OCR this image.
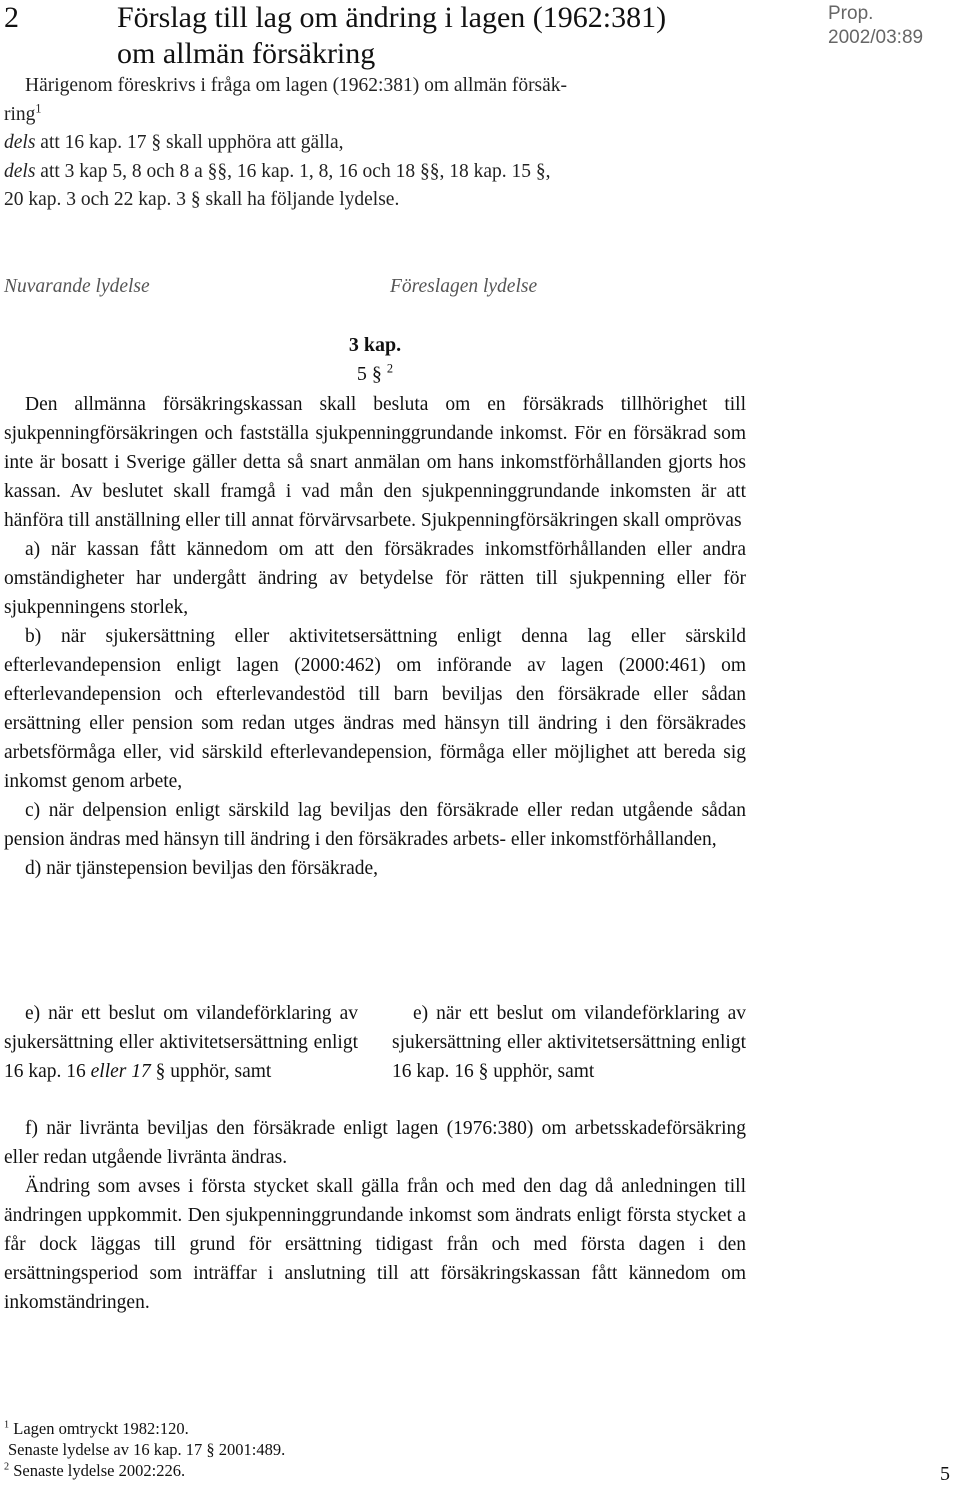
2	Förslag till lag om ändring i lagen (1962:381)
om allmän försäkring
Prop. 2002/03:89

Härigenom föreskrivs i fråga om lagen (1962:381) om allmän försäk-

ring$^1$

dels att 16 kap. 17 § skall upphöra att gälla,

dels att 3 kap 5, 8 och 8 a §§, 16 kap. 1, 8, 16 och 18 §§, 18 kap. 15 §,

20 kap. 3 och 22 kap. 3 § skall ha följande lydelse.

Nuvarande lydelse	Föreslagen lydelse
3 kap.
5 § $^2$

Den allmänna försäkringskassan skall besluta om en försäkrads tillhörighet till sjukpenningförsäkringen och fastställa sjukpenninggrundande inkomst. För en försäkrad som inte är bosatt i Sverige gäller detta så snart anmälan om hans inkomstförhållanden gjorts hos kassan. Av beslutet skall framgå i vad mån den sjukpenninggrundande inkomsten är att hänföra till anställning eller till annat förvärvsarbete. Sjukpenningförsäkringen skall omprövas

a) när kassan fått kännedom om att den försäkrades inkomstförhållanden eller andra omständigheter har undergått ändring av betydelse för rätten till sjukpenning eller för sjukpenningens storlek,

b) när sjukersättning eller aktivitetsersättning enligt denna lag eller särskild efterlevandepension enligt lagen (2000:462) om införande av lagen (2000:461) om efterlevandepension och efterlevandestöd till barn beviljas den försäkrade eller sådan ersättning eller pension som redan utges ändras med hänsyn till ändring i den försäkrades arbetsförmåga eller, vid särskild efterlevandepension, förmåga eller möjlighet att bereda sig inkomst genom arbete,

c) när delpension enligt särskild lag beviljas den försäkrade eller redan utgående sådan pension ändras med hänsyn till ändring i den försäkrades arbets- eller inkomstförhållanden,

d) när tjänstepension beviljas den försäkrade,

e) när ett beslut om vilandeförklaring av sjukersättning eller aktivitetsersättning enligt 16 kap. 16 eller 17 § upphör, samt

e) när ett beslut om vilandeförklaring av sjukersättning eller aktivitetsersättning enligt 16 kap. 16 § upphör, samt

f) när livränta beviljas den försäkrade enligt lagen (1976:380) om arbetsskadeförsäkring eller redan utgående livränta ändras.

Ändring som avses i första stycket skall gälla från och med den dag då anledningen till ändringen uppkommit. Den sjukpenninggrundande inkomst som ändrats enligt första stycket a får dock läggas till grund för ersättning tidigast från och med första dagen i den ersättningsperiod som inträffar i anslutning till att försäkringskassan fått kännedom om inkomständringen.

$^1$ Lagen omtryckt 1982:120.

Senaste lydelse av 16 kap. 17 § 2001:489.

$^2$ Senaste lydelse 2002:226.	5
